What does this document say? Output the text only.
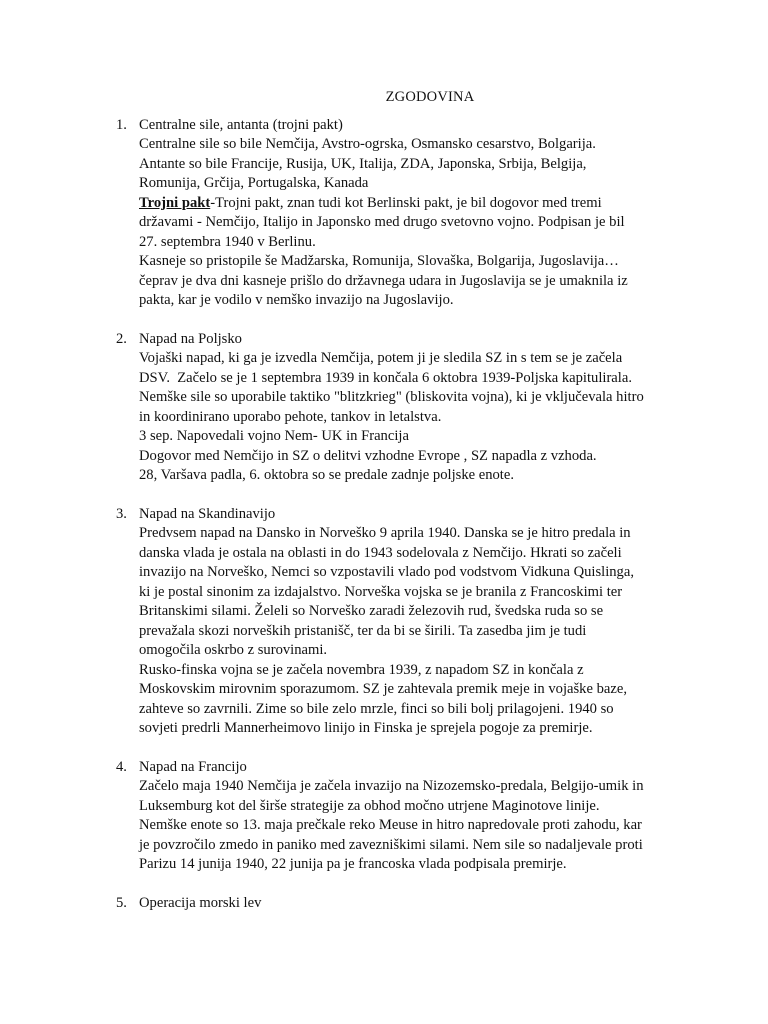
ZGODOVINA
1. Centralne sile, antanta (trojni pakt)
Centralne sile so bile Nemčija, Avstro-ogrska, Osmansko cesarstvo, Bolgarija.
Antante so bile Francije, Rusija, UK, Italija, ZDA, Japonska, Srbija, Belgija,
Romunija, Grčija, Portugalska, Kanada
Trojni pakt-Trojni pakt, znan tudi kot Berlinski pakt, je bil dogovor med tremi
državami - Nemčijo, Italijo in Japonsko med drugo svetovno vojno. Podpisan je bil
27. septembra 1940 v Berlinu.
Kasneje so pristopile še Madžarska, Romunija, Slovaška, Bolgarija, Jugoslavija…
čeprav je dva dni kasneje prišlo do državnega udara in Jugoslavija se je umaknila iz
pakta, kar je vodilo v nemško invazijo na Jugoslavijo.
2. Napad na Poljsko
Vojaški napad, ki ga je izvedla Nemčija, potem ji je sledila SZ in s tem se je začela
DSV.  Začelo se je 1 septembra 1939 in končala 6 oktobra 1939-Poljska kapitulirala.
Nemške sile so uporabile taktiko "blitzkrieg" (bliskovita vojna), ki je vključevala hitro
in koordinirano uporabo pehote, tankov in letalstva.
3 sep. Napovedali vojno Nem- UK in Francija
Dogovor med Nemčijo in SZ o delitvi vzhodne Evrope , SZ napadla z vzhoda.
28, Varšava padla, 6. oktobra so se predale zadnje poljske enote.
3. Napad na Skandinavijo
Predvsem napad na Dansko in Norveško 9 aprila 1940. Danska se je hitro predala in
danska vlada je ostala na oblasti in do 1943 sodelovala z Nemčijo. Hkrati so začeli
invazijo na Norveško, Nemci so vzpostavili vlado pod vodstvom Vidkuna Quislinga,
ki je postal sinonim za izdajalstvo. Norveška vojska se je branila z Francoskimi ter
Britanskimi silami. Želeli so Norveško zaradi železovih rud, švedska ruda so se
prevažala skozi norveških pristanišč, ter da bi se širili. Ta zasedba jim je tudi
omogočila oskrbo z surovinami.
Rusko-finska vojna se je začela novembra 1939, z napadom SZ in končala z
Moskovskim mirovnim sporazumom. SZ je zahtevala premik meje in vojaške baze,
zahteve so zavrnili. Zime so bile zelo mrzle, finci so bili bolj prilagojeni. 1940 so
sovjeti predrli Mannerheimovo linijo in Finska je sprejela pogoje za premirje.
4. Napad na Francijo
Začelo maja 1940 Nemčija je začela invazijo na Nizozemsko-predala, Belgijo-umik in
Luksemburg kot del širše strategije za obhod močno utrjene Maginotove linije.
Nemške enote so 13. maja prečkale reko Meuse in hitro napredovale proti zahodu, kar
je povzročilo zmedo in paniko med zavezniškimi silami. Nem sile so nadaljevale proti
Parizu 14 junija 1940, 22 junija pa je francoska vlada podpisala premirje.
5. Operacija morski lev
